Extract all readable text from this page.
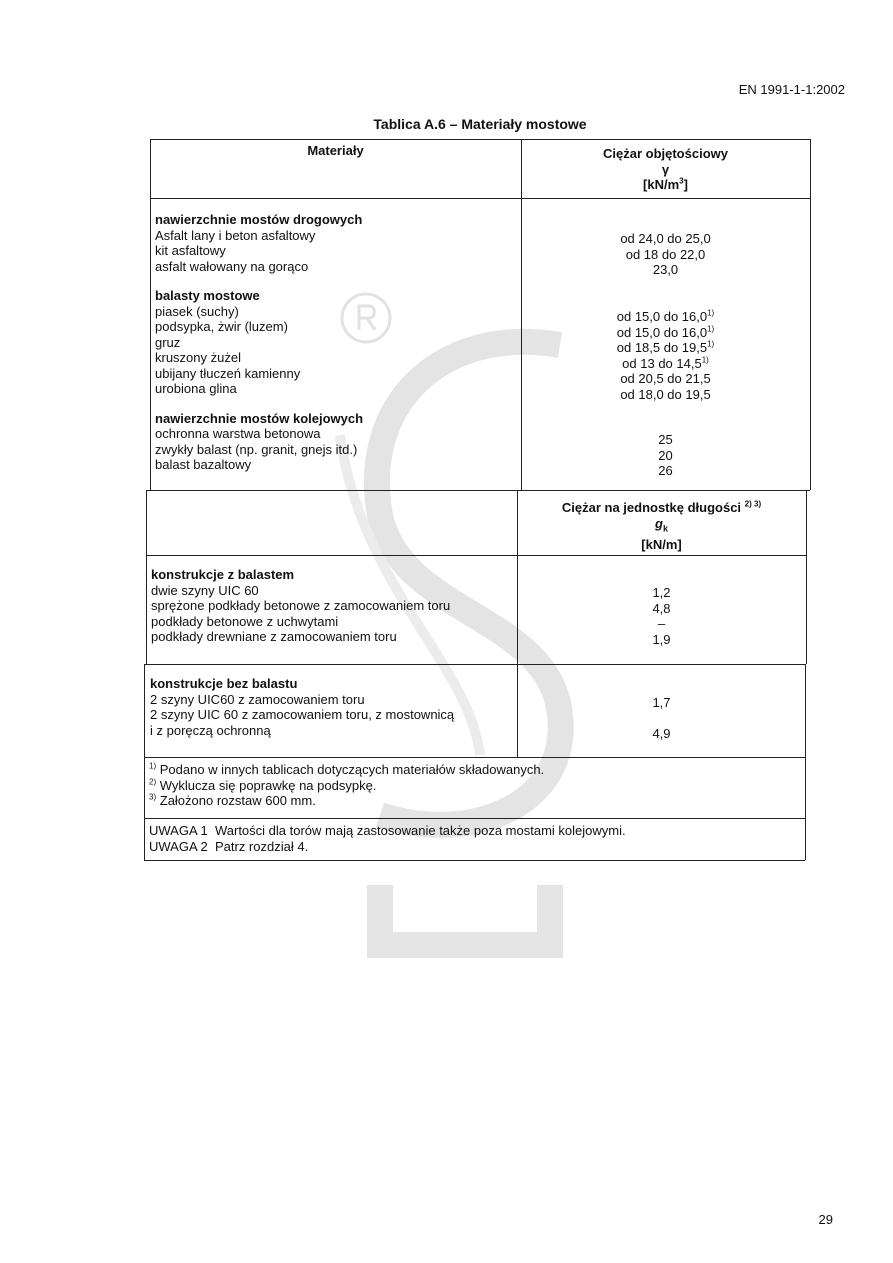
EN 1991-1-1:2002
29
Tablica A.6 – Materiały mostowe
Materiały	Ciężar objętościowy
γ
$[kN/m^3]$
nawierzchnie mostów drogowych
Asfalt lany i beton asfaltowy
kit asfaltowy
asfalt wałowany na gorąco
balasty mostowe
piasek (suchy)
podsypka, żwir (luzem)
gruz
kruszony żużel
ubijany tłuczeń kamienny
urobiona glina
nawierzchnie mostów kolejowych
ochronna warstwa betonowa
zwykły balast (np. granit, gnejs itd.)
balast bazaltowy
od 24,0 do 25,0
od 18 do 22,0
23,0
od 15,0 do 16,0$^{1)}$
od 15,0 do 16,0$^{1)}$
od 18,5 do 19,5$^{1)}$
od 13 do 14,5$^{1)}$
od 20,5 do 21,5
od 18,0 do 19,5
25
20
26
Ciężar na jednostkę długości $^{2) 3)}$
$g_k$
[kN/m]
konstrukcje z balastem
dwie szyny UIC 60
sprężone podkłady betonowe z zamocowaniem toru
podkłady betonowe z uchwytami
podkłady drewniane z zamocowaniem toru
1,2
4,8
–
1,9
konstrukcje bez balastu
2 szyny UIC60 z zamocowaniem toru
2 szyny UIC 60 z zamocowaniem toru, z mostownicą
i z poręczą ochronną
1,7
4,9
$^{1)}$ Podano w innych tablicach dotyczących materiałów składowanych.
$^{2)}$ Wyklucza się poprawkę na podsypkę.
$^{3)}$ Założono rozstaw 600 mm.
UWAGA 1  Wartości dla torów mają zastosowanie także poza mostami kolejowymi.
UWAGA 2  Patrz rozdział 4.
